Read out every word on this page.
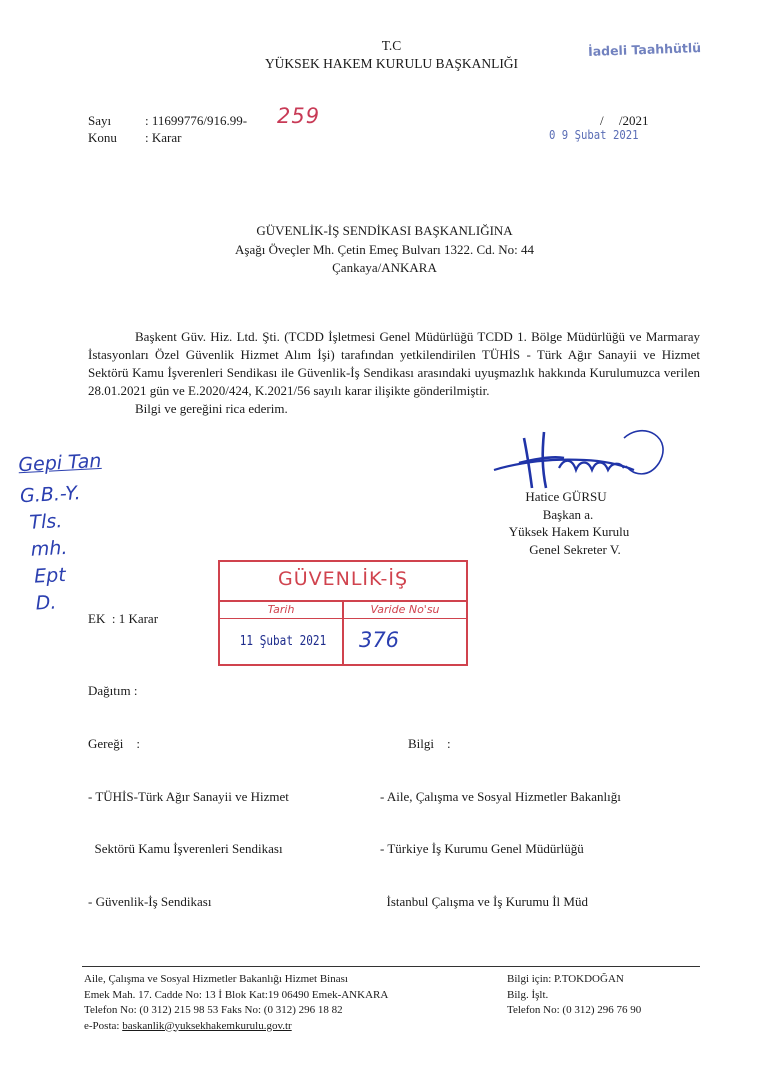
T.C
YÜKSEK HAKEM KURULU BAŞKANLIĞI
İadeli Taahhütlü
Sayı	: 11699776/916.99- 259
Konu : Karar
/ /2021
0 9 Şubat 2021
GÜVENLİK-İŞ SENDİKASI BAŞKANLIĞINA
Aşağı Öveçler Mh. Çetin Emeç Bulvarı 1322. Cd. No: 44
Çankaya/ANKARA

Başkent Güv. Hiz. Ltd. Şti. (TCDD İşletmesi Genel Müdürlüğü TCDD 1. Bölge Müdürlüğü ve Marmaray İstasyonları Özel Güvenlik Hizmet Alım İşi) tarafından yetkilendirilen TÜHİS - Türk Ağır Sanayii ve Hizmet Sektörü Kamu İşverenleri Sendikası ile Güvenlik-İş Sendikası arasındaki uyuşmazlık hakkında Kurulumuzca verilen 28.01.2021 gün ve E.2020/424, K.2021/56 sayılı karar ilişikte gönderilmiştir.

Bilgi ve gereğini rica ederim.

Hatice GÜRSU
Başkan a.
Yüksek Hakem Kurulu
Genel Sekreter V.
Gepi Tan
G.B.-Y.
Tls.
mh.
Ept
D.
GÜVENLİK-İŞ
Tarih	Varide No'su
11 Şubat 2021	376
EK  : 1 Karar
Dağıtım :

Gereği    :

- TÜHİS-Türk Ağır Sanayii ve Hizmet

Sektörü Kamu İşverenleri Sendikası

- Güvenlik-İş Sendikası

Bilgi    :

- Aile, Çalışma ve Sosyal Hizmetler Bakanlığı

- Türkiye İş Kurumu Genel Müdürlüğü

İstanbul Çalışma ve İş Kurumu İl Müd

Aile, Çalışma ve Sosyal Hizmetler Bakanlığı Hizmet Binası
Emek Mah. 17. Cadde No: 13 İ Blok Kat:19 06490 Emek-ANKARA
Telefon No: (0 312) 215 98 53 Faks No: (0 312) 296 18 82
e-Posta: baskanlik@yuksekhakemkurulu.gov.tr
Bilgi için: P.TOKDOĞAN
Bilg. İşlt.
Telefon No: (0 312) 296 76 90
